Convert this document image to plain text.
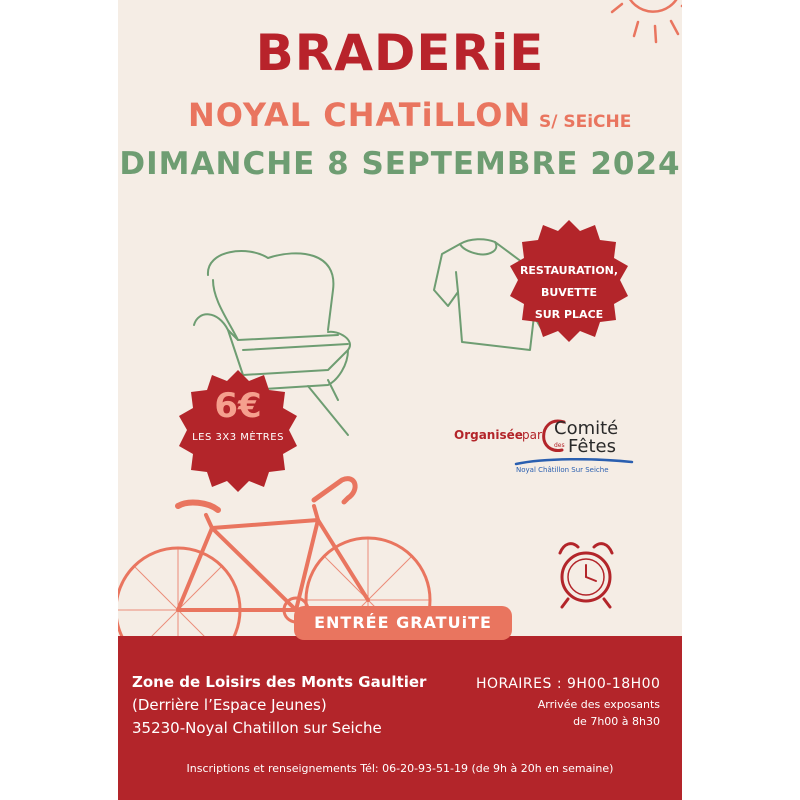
BRADERiE
NOYAL CHATiLLON S/ SEiCHE
DIMANCHE 8 SEPTEMBRE 2024
RESTAURATION,
BUVETTE
SUR PLACE
6€
LES 3X3 MÈTRES	Organisée par Comité
des Fêtes
Noyal Châtillon Sur Seiche
ENTRÉE GRATUiTE
Zone de Loisirs des Monts Gaultier
(Derrière l’Espace Jeunes)
35230-Noyal Chatillon sur Seiche
HORAIRES : 9H00-18H00
Arrivée des exposants
de 7h00 à 8h30
Inscriptions et renseignements Tél: 06-20-93-51-19 (de 9h à 20h en semaine)
